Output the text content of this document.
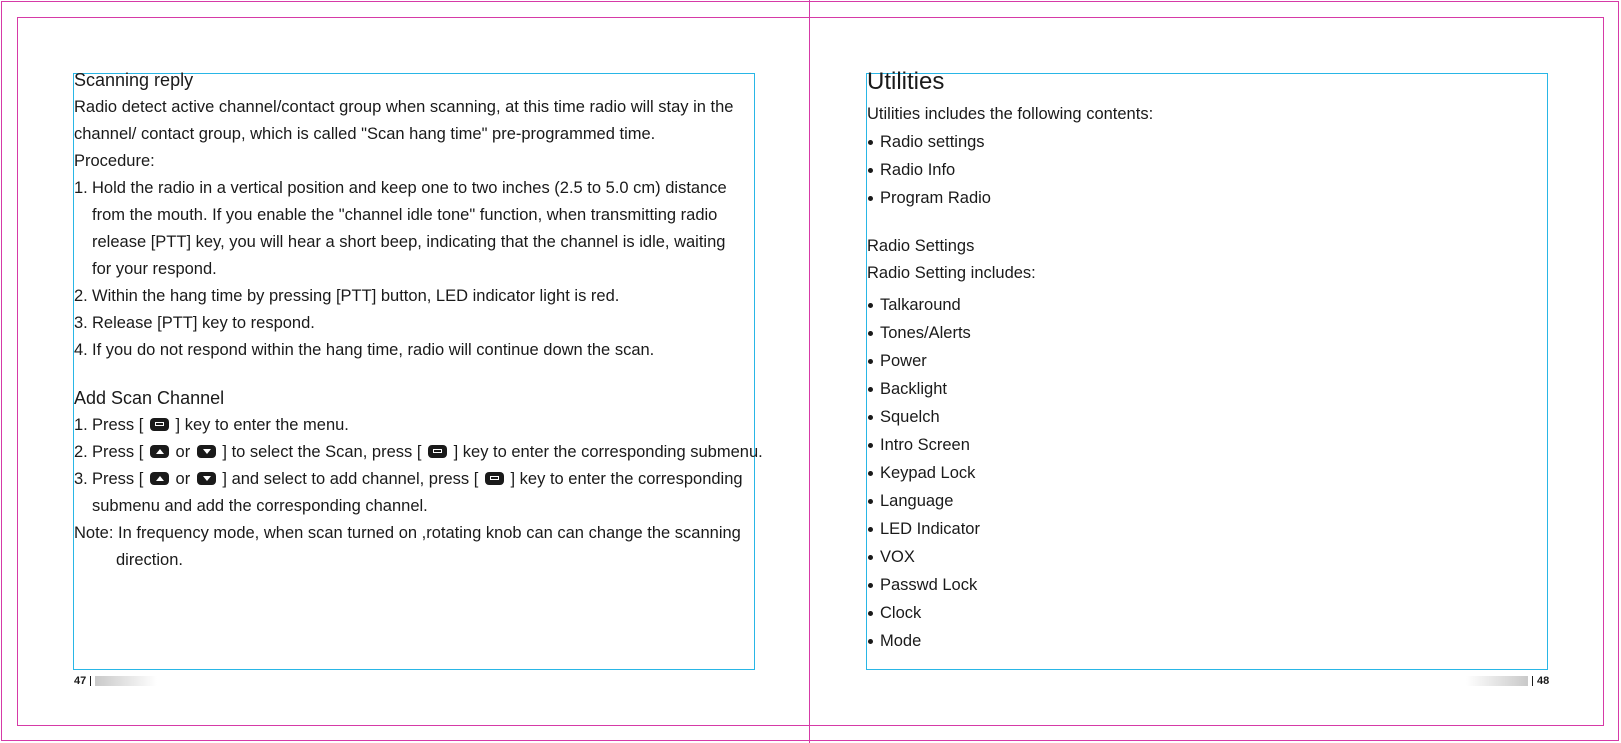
Scanning reply

Radio detect active channel/contact group when scanning, at this time radio will stay in the

channel/ contact group, which is called "Scan hang time" pre-programmed time.

Procedure:

1. Hold the radio in a vertical position and keep one to two inches (2.5 to 5.0 cm) distance

from the mouth. If you enable the "channel idle tone" function, when transmitting radio

release [PTT] key, you will hear a short beep, indicating that the channel is idle, waiting

for your respond.

2. Within the hang time by pressing [PTT] button, LED indicator light is red.
3. Release [PTT] key to respond.
4. If you do not respond within the hang time, radio will continue down the scan.
Add Scan Channel
1. Press [ ] key to enter the menu.
2. Press [ or ] to select the Scan, press [ ] key to enter the corresponding submenu.
3. Press [ or ] and select to add channel, press [ ] key to enter the corresponding

submenu and add the corresponding channel.

Note: In frequency mode, when scan turned on ,rotating knob can can change the scanning

direction.

Utilities

Utilities includes the following contents:

Radio settings
Radio Info
Program Radio

Radio Settings

Radio Setting includes:

Talkaround
Tones/Alerts
Power
Backlight
Squelch
Intro Screen
Keypad Lock
Language
LED Indicator
VOX
Passwd Lock
Clock
Mode
47	48
